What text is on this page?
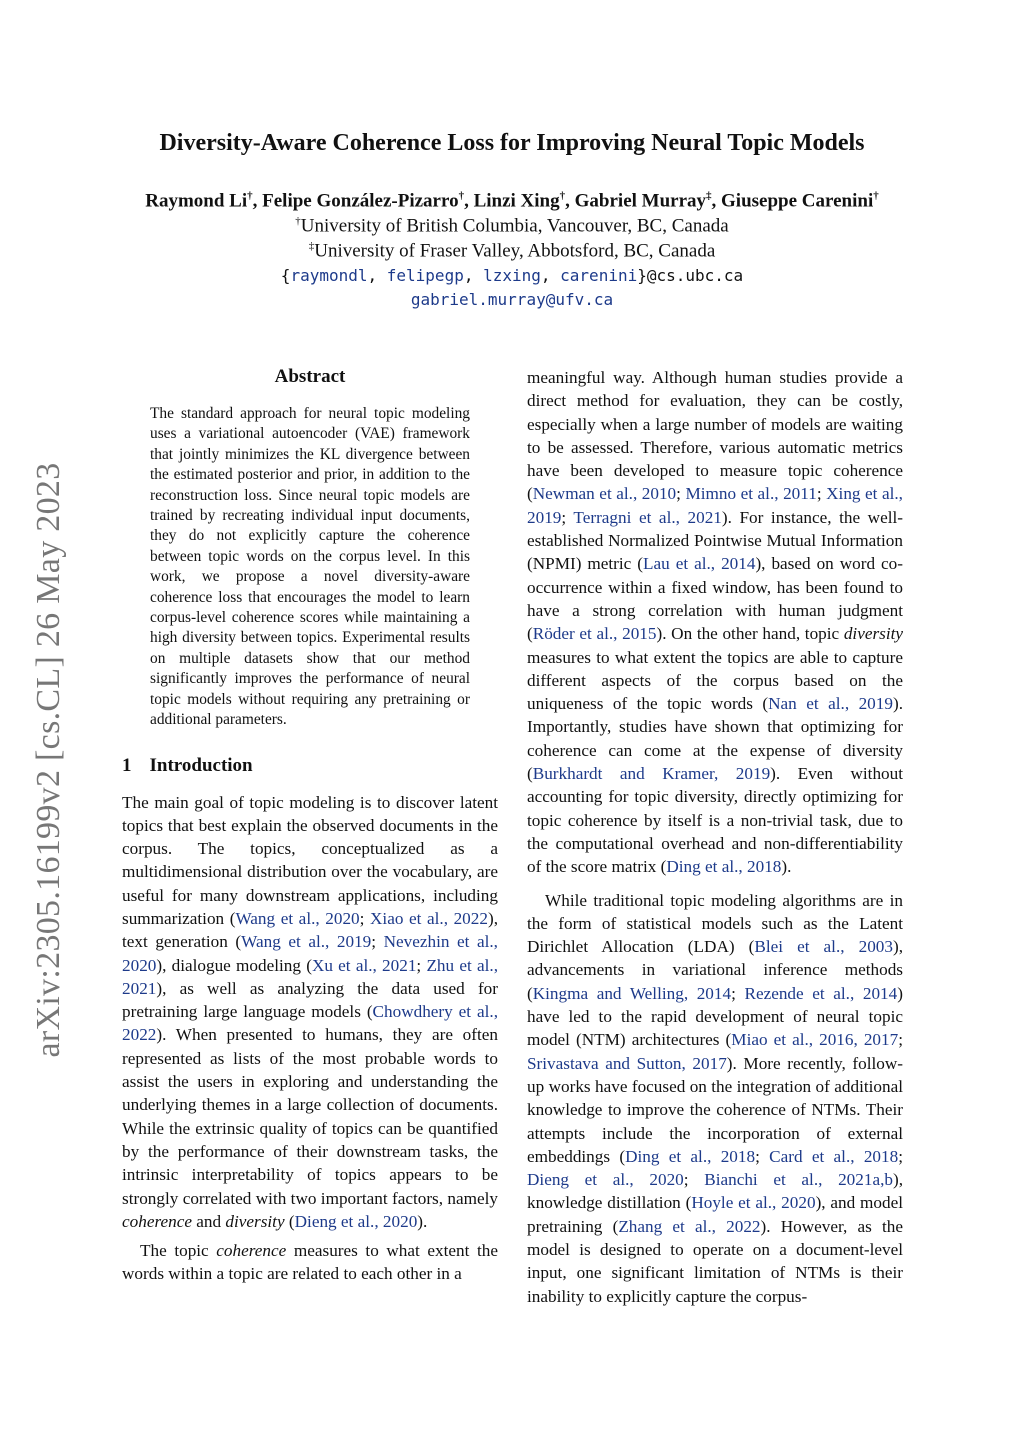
arXiv:2305.16199v2 [cs.CL] 26 May 2023
Diversity-Aware Coherence Loss for Improving Neural Topic Models
Raymond Li†, Felipe González-Pizarro†, Linzi Xing†, Gabriel Murray‡, Giuseppe Carenini†
†University of British Columbia, Vancouver, BC, Canada
‡University of Fraser Valley, Abbotsford, BC, Canada
{raymondl, felipegp, lzxing, carenini}@cs.ubc.ca
gabriel.murray@ufv.ca
Abstract
The standard approach for neural topic modeling uses a variational autoencoder (VAE) framework that jointly minimizes the KL divergence between the estimated posterior and prior, in addition to the reconstruction loss. Since neural topic models are trained by recreating individual input documents, they do not explicitly capture the coherence between topic words on the corpus level. In this work, we propose a novel diversity-aware coherence loss that encourages the model to learn corpus-level coherence scores while maintaining a high diversity between topics. Experimental results on multiple datasets show that our method significantly improves the performance of neural topic models without requiring any pretraining or additional parameters.
1 Introduction

The main goal of topic modeling is to discover latent topics that best explain the observed documents in the corpus. The topics, conceptualized as a multidimensional distribution over the vocabulary, are useful for many downstream applications, including summarization (Wang et al., 2020; Xiao et al., 2022), text generation (Wang et al., 2019; Nevezhin et al., 2020), dialogue modeling (Xu et al., 2021; Zhu et al., 2021), as well as analyzing the data used for pretraining large language models (Chowdhery et al., 2022). When presented to humans, they are often represented as lists of the most probable words to assist the users in exploring and understanding the underlying themes in a large collection of documents. While the extrinsic quality of topics can be quantified by the performance of their downstream tasks, the intrinsic interpretability of topics appears to be strongly correlated with two important factors, namely coherence and diversity (Dieng et al., 2020).

The topic coherence measures to what extent the words within a topic are related to each other in a

meaningful way. Although human studies provide a direct method for evaluation, they can be costly, especially when a large number of models are waiting to be assessed. Therefore, various automatic metrics have been developed to measure topic coherence (Newman et al., 2010; Mimno et al., 2011; Xing et al., 2019; Terragni et al., 2021). For instance, the well-established Normalized Pointwise Mutual Information (NPMI) metric (Lau et al., 2014), based on word co-occurrence within a fixed window, has been found to have a strong correlation with human judgment (Röder et al., 2015). On the other hand, topic diversity measures to what extent the topics are able to capture different aspects of the corpus based on the uniqueness of the topic words (Nan et al., 2019). Importantly, studies have shown that optimizing for coherence can come at the expense of diversity (Burkhardt and Kramer, 2019). Even without accounting for topic diversity, directly optimizing for topic coherence by itself is a non-trivial task, due to the computational overhead and non-differentiability of the score matrix (Ding et al., 2018).

While traditional topic modeling algorithms are in the form of statistical models such as the Latent Dirichlet Allocation (LDA) (Blei et al., 2003), advancements in variational inference methods (Kingma and Welling, 2014; Rezende et al., 2014) have led to the rapid development of neural topic model (NTM) architectures (Miao et al., 2016, 2017; Srivastava and Sutton, 2017). More recently, follow-up works have focused on the integration of additional knowledge to improve the coherence of NTMs. Their attempts include the incorporation of external embeddings (Ding et al., 2018; Card et al., 2018; Dieng et al., 2020; Bianchi et al., 2021a,b), knowledge distillation (Hoyle et al., 2020), and model pretraining (Zhang et al., 2022). However, as the model is designed to operate on a document-level input, one significant limitation of NTMs is their inability to explicitly capture the corpus-
